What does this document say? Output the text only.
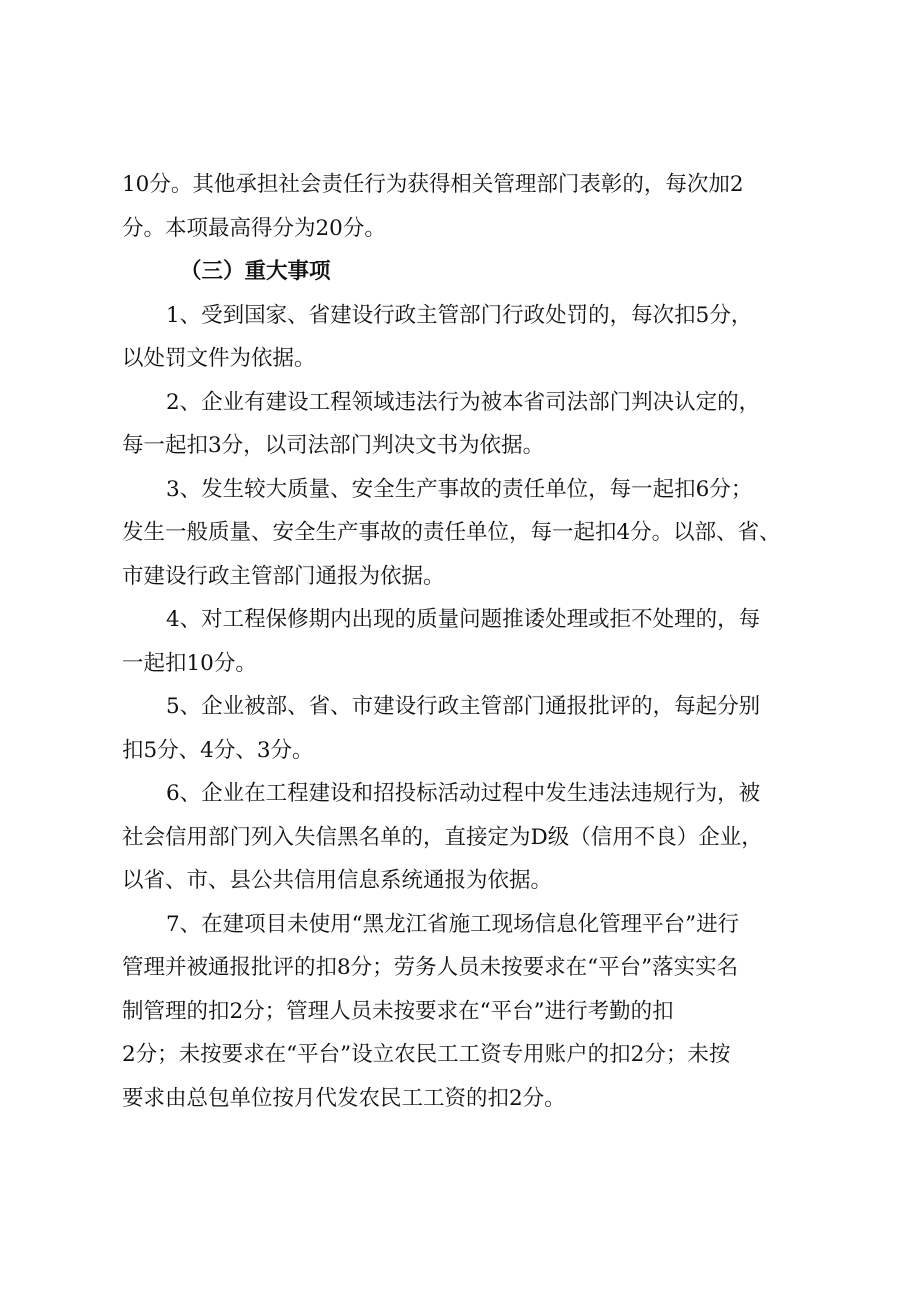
10分。其他承担社会责任行为获得相关管理部门表彰的，每次加2
分。本项最高得分为20分。
（三）重大事项
1、受到国家、省建设行政主管部门行政处罚的，每次扣5分，
以处罚文件为依据。
2、企业有建设工程领域违法行为被本省司法部门判决认定的，
每一起扣3分，以司法部门判决文书为依据。
3、发生较大质量、安全生产事故的责任单位，每一起扣6分；
发生一般质量、安全生产事故的责任单位，每一起扣4分。以部、省、
市建设行政主管部门通报为依据。
4、对工程保修期内出现的质量问题推诿处理或拒不处理的，每
一起扣10分。
5、企业被部、省、市建设行政主管部门通报批评的，每起分别
扣5分、4分、3分。
6、企业在工程建设和招投标活动过程中发生违法违规行为，被
社会信用部门列入失信黑名单的，直接定为D级（信用不良）企业，
以省、市、县公共信用信息系统通报为依据。
7、在建项目未使用“黑龙江省施工现场信息化管理平台”进行
管理并被通报批评的扣8分；劳务人员未按要求在“平台”落实实名
制管理的扣2分；管理人员未按要求在“平台”进行考勤的扣
2分；未按要求在“平台”设立农民工工资专用账户的扣2分；未按
要求由总包单位按月代发农民工工资的扣2分。
